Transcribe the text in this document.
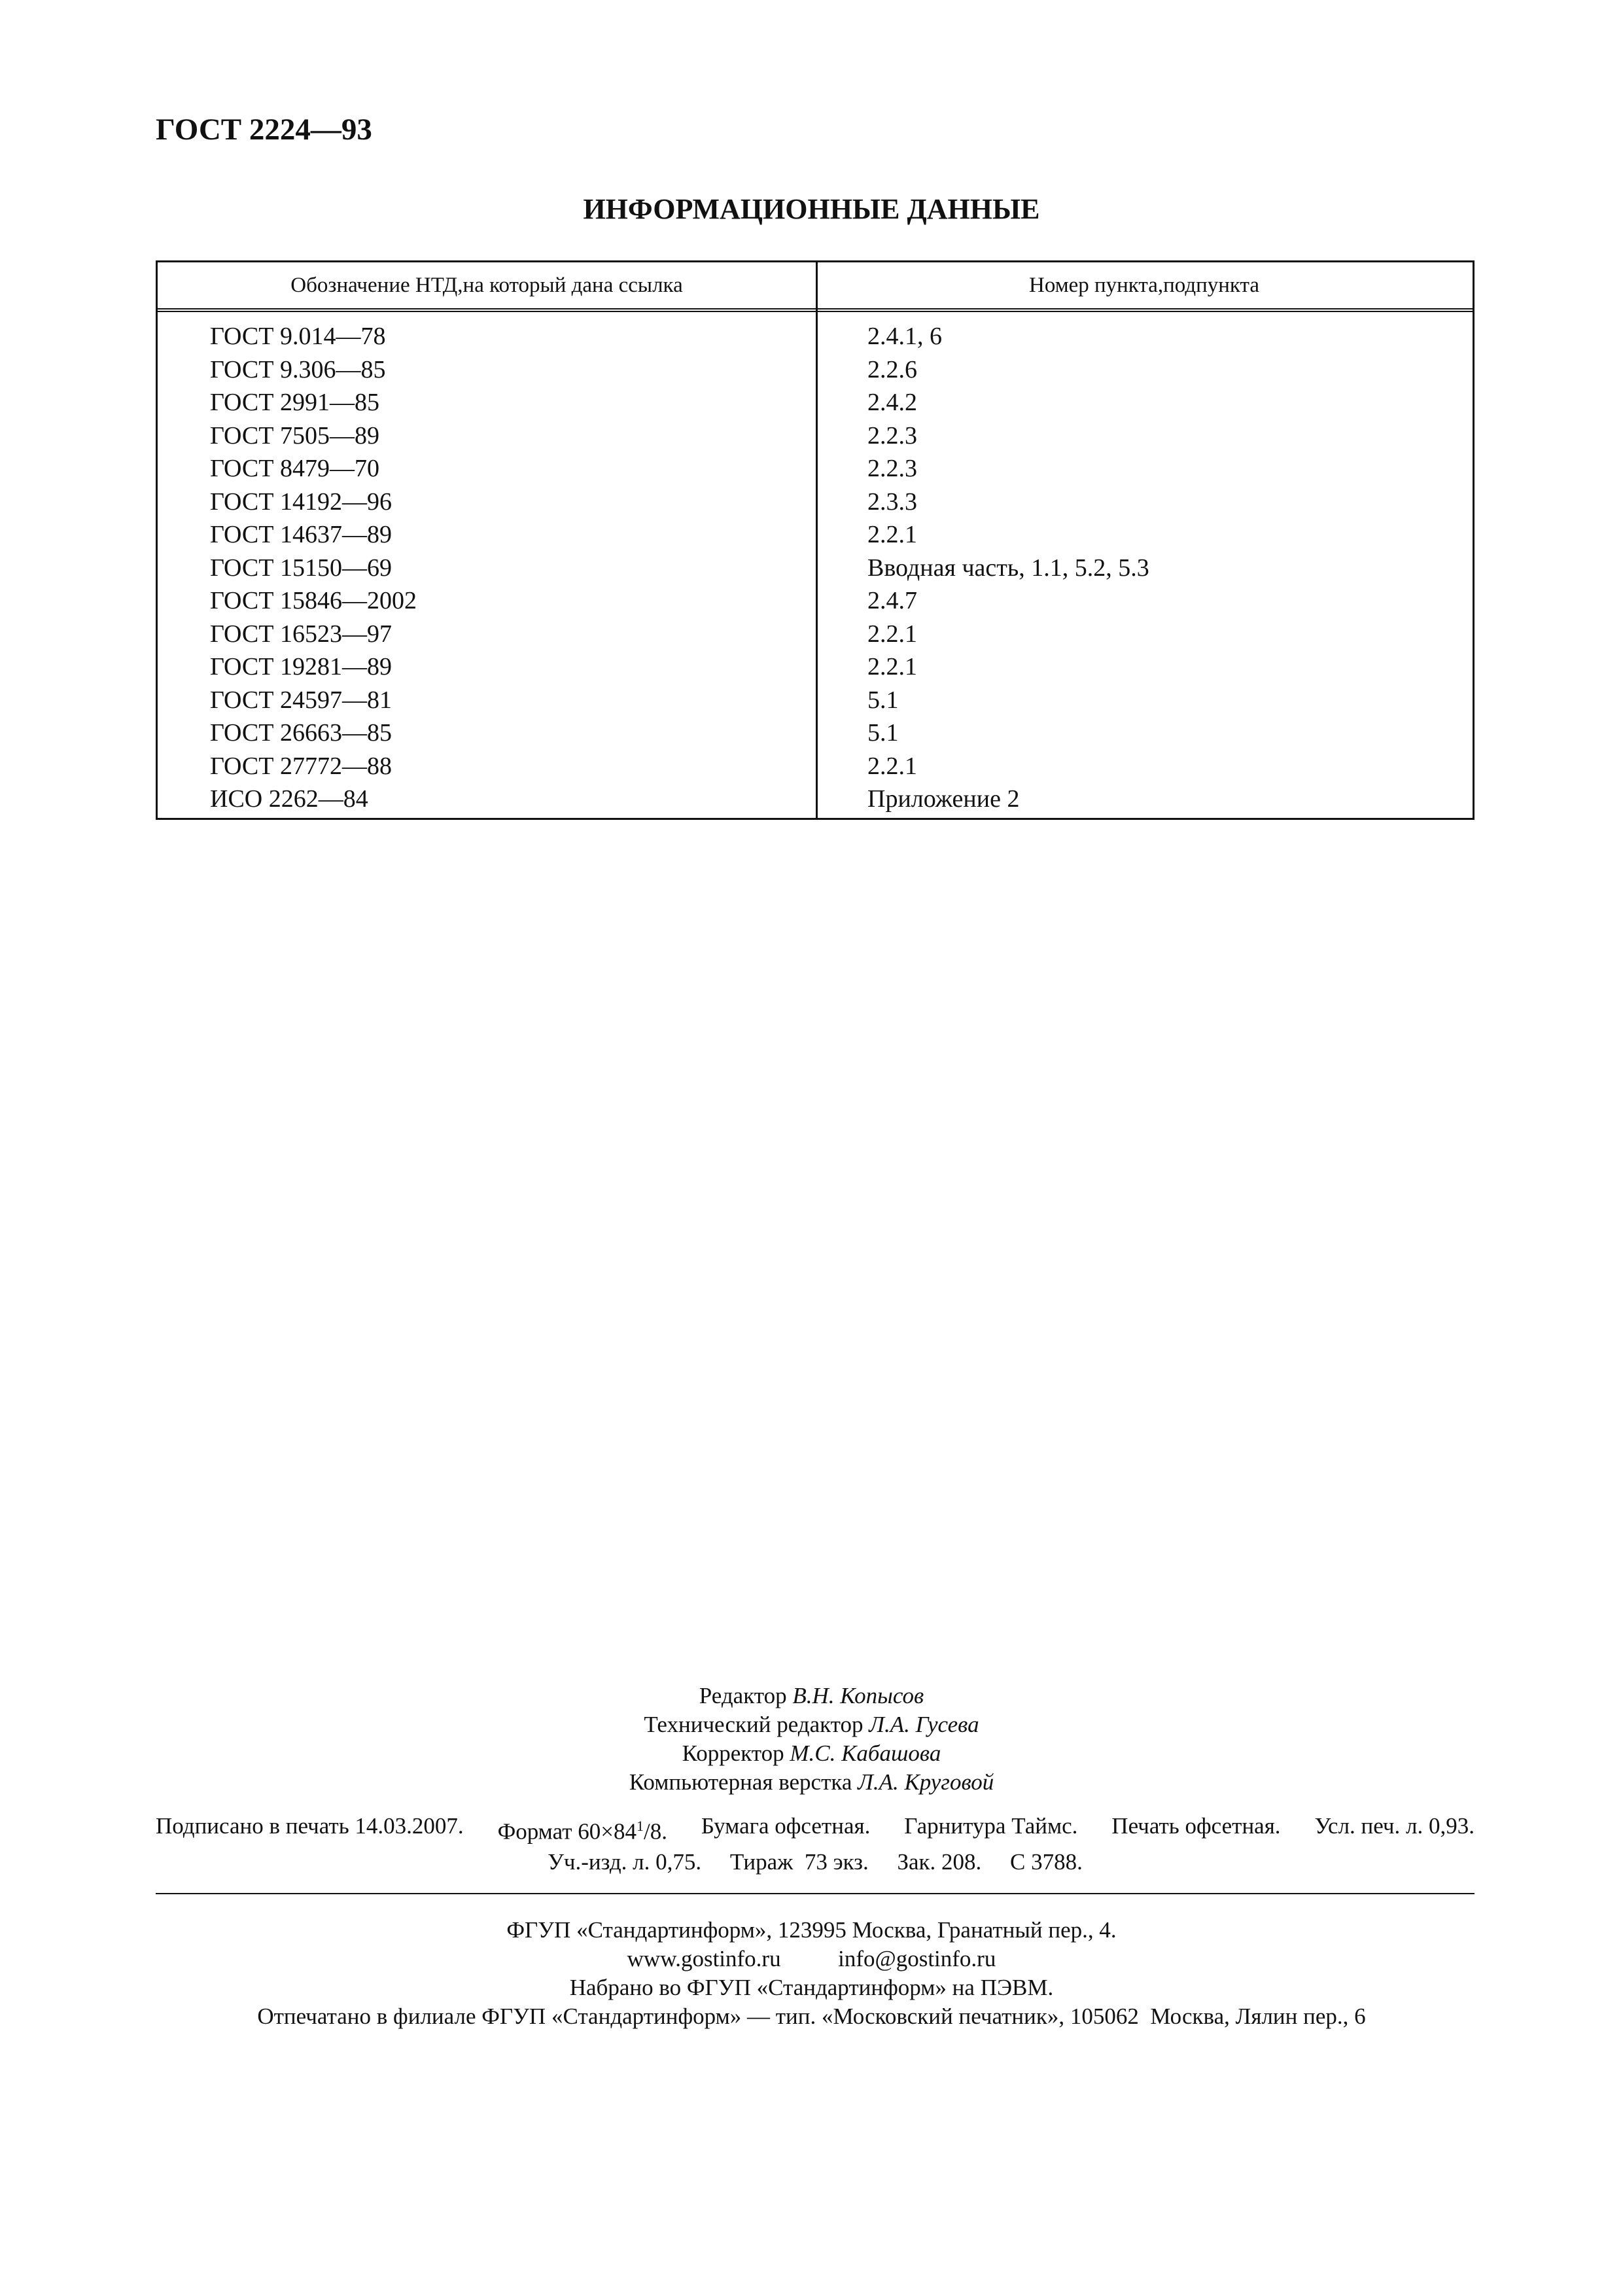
ГОСТ 2224—93
ИНФОРМАЦИОННЫЕ ДАННЫЕ
Обозначение НТД,на который дана ссылка	Номер пункта,подпункта
ГОСТ 9.014—78	2.4.1, 6
ГОСТ 9.306—85	2.2.6
ГОСТ 2991—85	2.4.2
ГОСТ 7505—89	2.2.3
ГОСТ 8479—70	2.2.3
ГОСТ 14192—96	2.3.3
ГОСТ 14637—89	2.2.1
ГОСТ 15150—69	Вводная часть, 1.1, 5.2, 5.3
ГОСТ 15846—2002	2.4.7
ГОСТ 16523—97	2.2.1
ГОСТ 19281—89	2.2.1
ГОСТ 24597—81	5.1
ГОСТ 26663—85	5.1
ГОСТ 27772—88	2.2.1
ИСО 2262—84	Приложение 2
Редактор В.Н. Копысов
Технический редактор Л.А. Гусева
Корректор М.С. Кабашова
Компьютерная верстка Л.А. Круговой
Подписано в печать 14.03.2007. Формат $60\times 84^1/8$. Бумага офсетная. Гарнитура Таймс. Печать офсетная. Усл. печ. л. 0,93.
Уч.-изд. л. 0,75.     Тираж  73 экз.     Зак. 208.     С 3788.
ФГУП «Стандартинформ», 123995 Москва, Гранатный пер., 4.
www.gostinfo.ru          info@gostinfo.ru
Набрано во ФГУП «Стандартинформ» на ПЭВМ.
Отпечатано в филиале ФГУП «Стандартинформ» — тип. «Московский печатник», 105062  Москва, Лялин пер., 6
